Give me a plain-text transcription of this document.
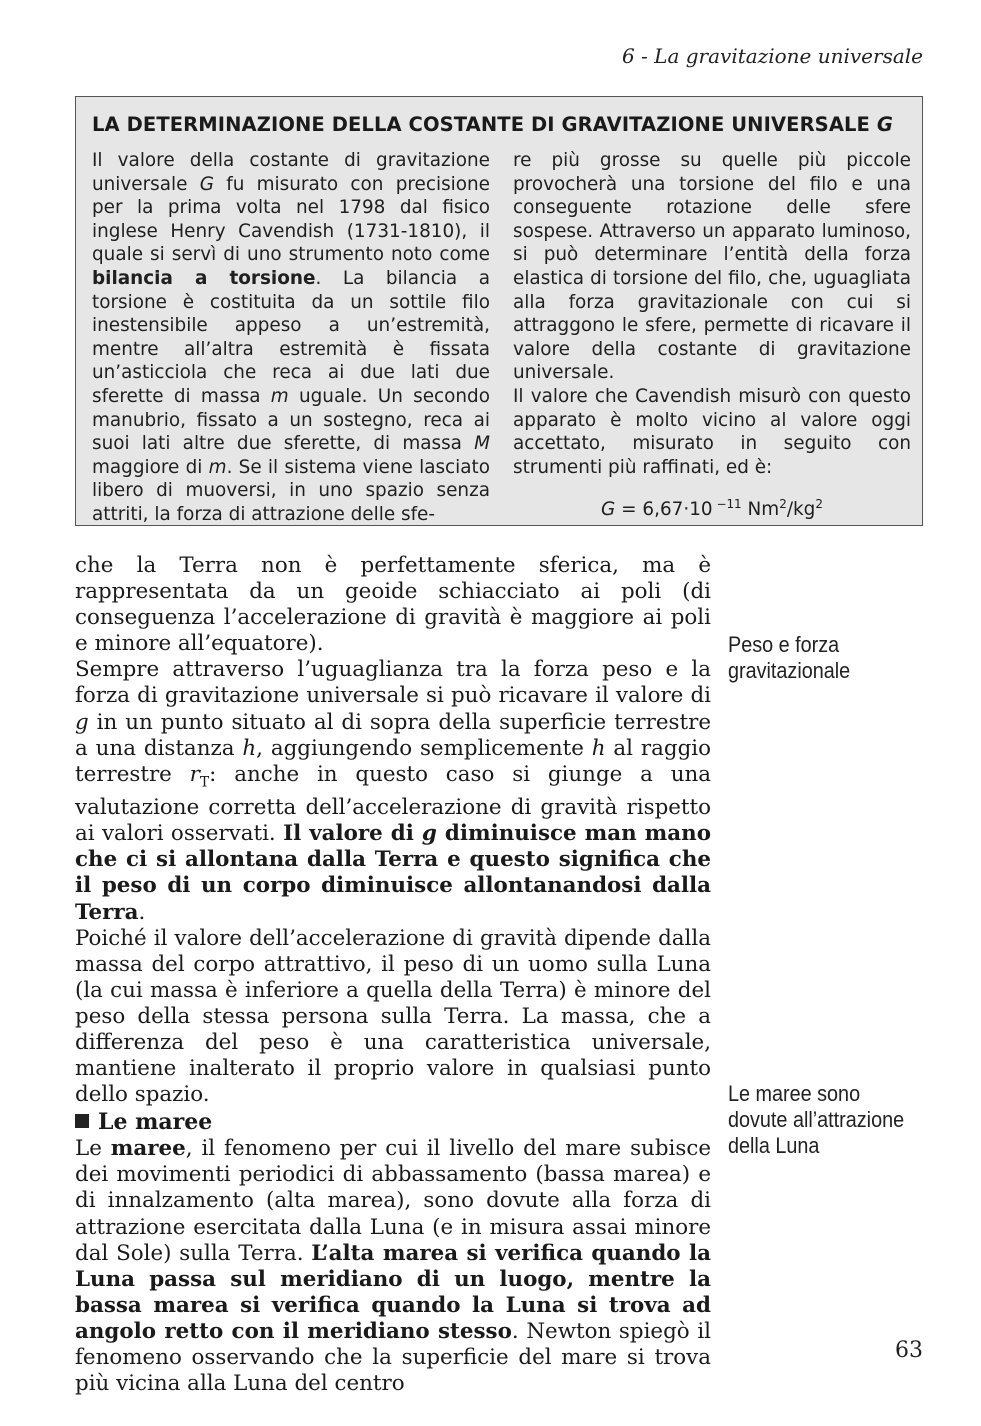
6 - La gravitazione universale
LA DETERMINAZIONE DELLA COSTANTE DI GRAVITAZIONE UNIVERSALE G
Il valore della costante di gravitazione universale G fu misurato con precisione per la prima volta nel 1798 dal fisico inglese Henry Cavendish (1731-1810), il quale si servì di uno strumento noto come bilancia a torsione. La bilancia a torsione è costituita da un sottile filo inestensibile appeso a un’estremità, mentre all’altra estremità è fissata un’asticciola che reca ai due lati due sferette di massa m uguale. Un secondo manubrio, fissato a un sostegno, reca ai suoi lati altre due sferette, di massa M maggiore di m. Se il sistema viene lasciato libero di muoversi, in uno spazio senza attriti, la forza di attrazione delle sfe-
re più grosse su quelle più piccole provocherà una torsione del filo e una conseguente rotazione delle sfere sospese. Attraverso un apparato luminoso, si può determinare l’entità della forza elastica di torsione del filo, che, uguagliata alla forza gravitazionale con cui si attraggono le sfere, permette di ricavare il valore della costante di gravitazione universale.
Il valore che Cavendish misurò con questo apparato è molto vicino al valore oggi accettato, misurato in seguito con strumenti più raffinati, ed è:
G = 6,67·10 $^{-11}$ $Nm^2/kg^2$

che la Terra non è perfettamente sferica, ma è rappresentata da un geoide schiacciato ai poli (di conseguenza l’accelerazione di gravità è maggiore ai poli e minore all’equatore).

Sempre attraverso l’uguaglianza tra la forza peso e la forza di gravitazione universale si può ricavare il valore di g in un punto situato al di sopra della superficie terrestre a una distanza h, aggiungendo semplicemente h al raggio terrestre $r_T$: anche in questo caso si giunge a una valutazione corretta dell’accelerazione di gravità rispetto ai valori osservati. Il valore di g diminuisce man mano che ci si allontana dalla Terra e questo significa che il peso di un corpo diminuisce allontanandosi dalla Terra.

Poiché il valore dell’accelerazione di gravità dipende dalla massa del corpo attrattivo, il peso di un uomo sulla Luna (la cui massa è inferiore a quella della Terra) è minore del peso della stessa persona sulla Terra. La massa, che a differenza del peso è una caratteristica universale, mantiene inalterato il proprio valore in qualsiasi punto dello spazio.

Le maree

Le maree, il fenomeno per cui il livello del mare subisce dei movimenti periodici di abbassamento (bassa marea) e di innalzamento (alta marea), sono dovute alla forza di attrazione esercitata dalla Luna (e in misura assai minore dal Sole) sulla Terra. L’alta marea si verifica quando la Luna passa sul meridiano di un luogo, mentre la bassa marea si verifica quando la Luna si trova ad angolo retto con il meridiano stesso. Newton spiegò il fenomeno osservando che la superficie del mare si trova più vicina alla Luna del centro

Peso e forza
gravitazionale
Le maree sono
dovute all’attrazione
della Luna
63
